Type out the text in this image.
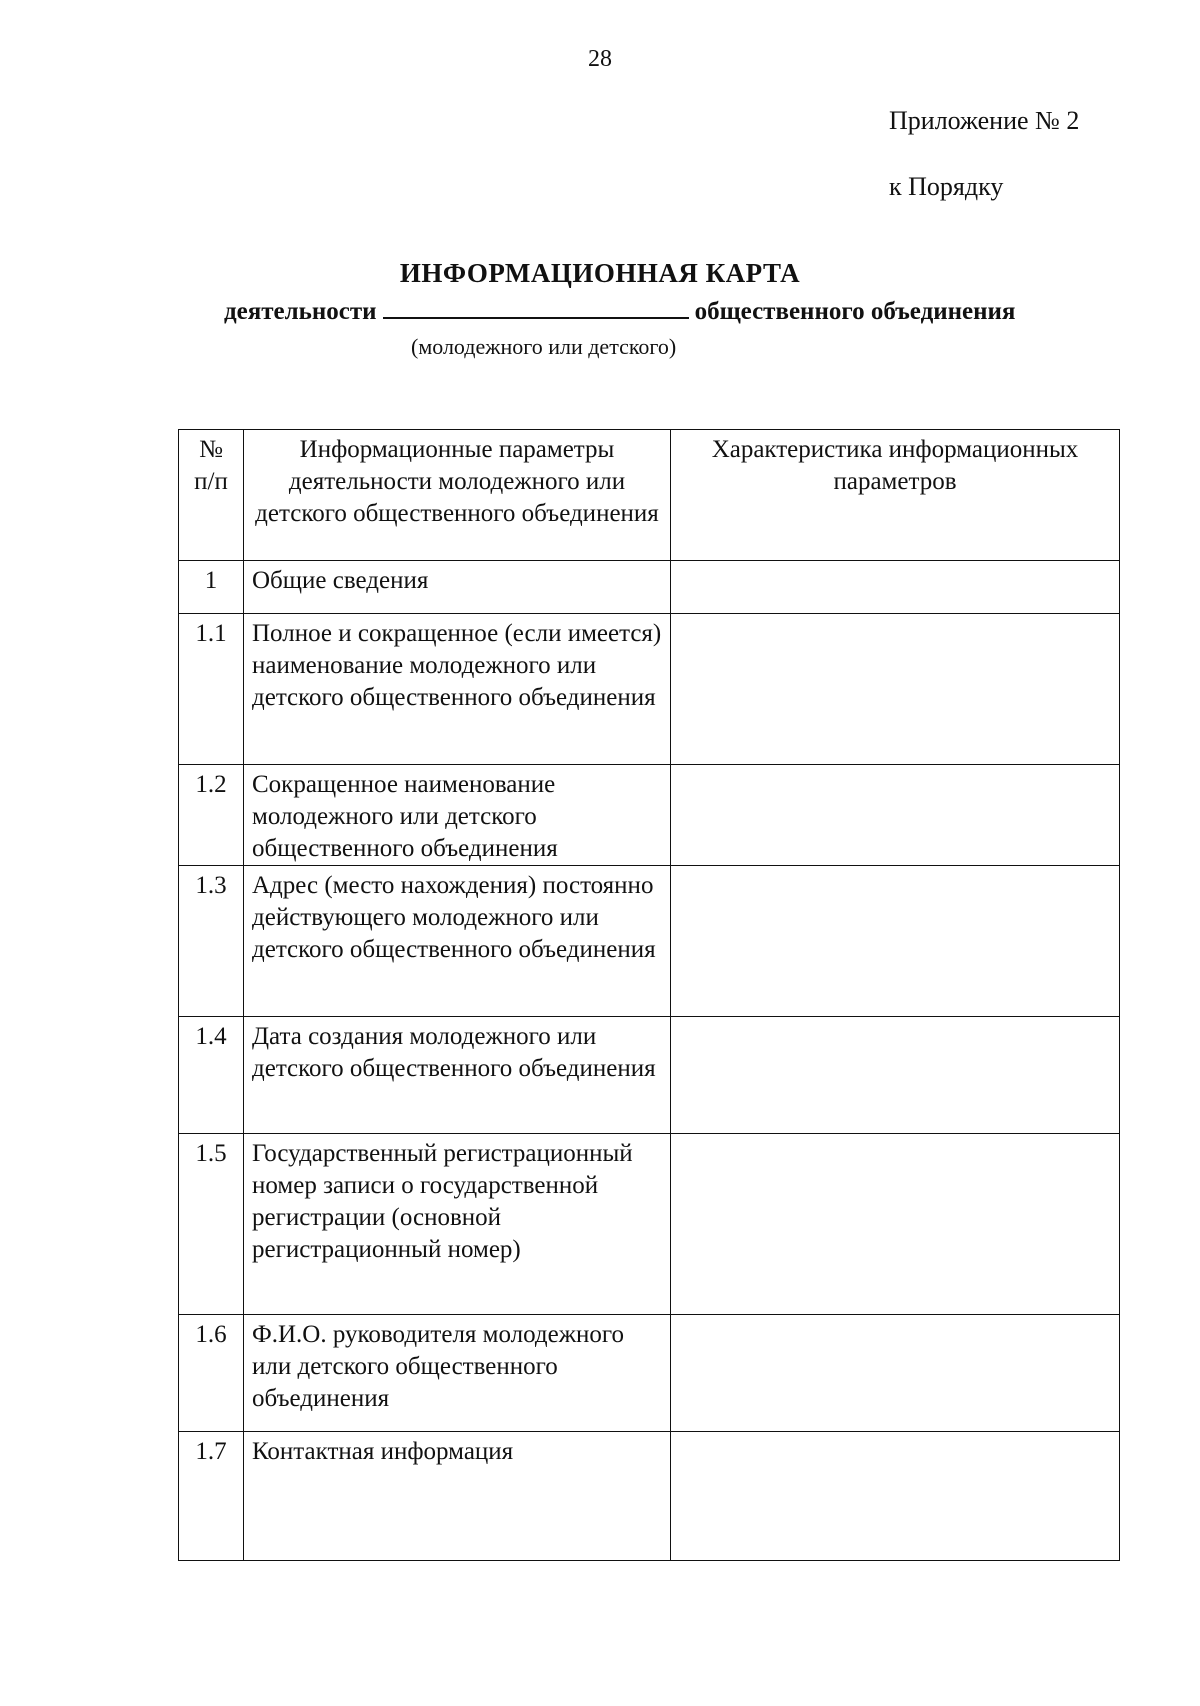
28
Приложение № 2
к Порядку
ИНФОРМАЦИОННАЯ КАРТА
деятельности	общественного объединения
(молодежного или детского)
№ п/п	Информационные параметры деятельности молодежного или детского общественного объединения	Характеристика информационных параметров
1	Общие сведения	
1.1	Полное и сокращенное (если имеется) наименование молодежного или детского общественного объединения	
1.2	Сокращенное наименование молодежного или детского общественного объединения	
1.3	Адрес (место нахождения) постоянно действующего молодежного или детского общественного объединения	
1.4	Дата создания молодежного или детского общественного объединения	
1.5	Государственный регистрационный номер записи о государственной регистрации (основной регистрационный номер)	
1.6	Ф.И.О. руководителя молодежного или детского общественного объединения	
1.7	Контактная информация	
